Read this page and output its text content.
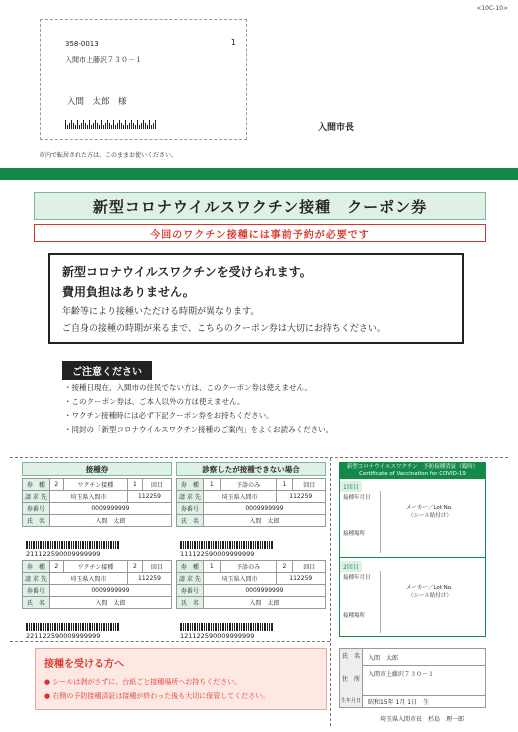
<10C-10>
358-0013	1
入間市上藤沢７３０－１
入間　太郎　様
入間市長
市内で転居された方は、このままお使いください。
新型コロナウイルスワクチン接種　クーポン券
今回のワクチン接種には事前予約が必要です
新型コロナウイルスワクチンを受けられます。
費用負担はありません。
年齢等により接種いただける時期が異なります。
ご自身の接種の時期が来るまで、こちらのクーポン券は大切にお持ちください。
ご注意ください
・接種日現在、入間市の住民でない方は、このクーポン券は使えません。
・このクーポン券は、ご本人以外の方は使えません。
・ワクチン接種時には必ず下記クーポン券をお持ちください。
・同封の「新型コロナウイルスワクチン接種のご案内」をよくお読みください。
接種券	診察したが接種できない場合
券　種	2	ワクチン接種	1	回目
請 求 先	埼玉県入間市		112259	
券番号	0009999999			
氏　名	入間　太郎			
211122590009999999
券　種	1	予診のみ	1	回目
請 求 先	埼玉県入間市		112259	
券番号	0009999999			
氏　名	入間　太郎			
111122590009999999
券　種	2	ワクチン接種	2	回目
請 求 先	埼玉県入間市		112259	
券番号	0009999999			
氏　名	入間　太郎			
221122590009999999
券　種	1	予診のみ	2	回目
請 求 先	埼玉県入間市		112259	
券番号	0009999999			
氏　名	入間　太郎			
121122590009999999
新型コロナウイルスワクチン　予防接種済証（臨時）
Certificate of Vaccination for COVID-19
1回目
接種年月日
接種場所
メーカー／Lot No.
（シール貼付け）
2回目
接種年月日
接種場所
メーカー／Lot No.
（シール貼付け）
接種を受ける方へ
● シールは剥がさずに、台紙ごと接種場所へお持ちください。
● 右側の予防接種済証は接種が終わった後も大切に保管してください。
氏　名	入間　太郎
住　所
入間市上藤沢７３０－１
生年月日	昭和15年 1月 1日　生
埼玉県入間市長　杉島　理一郎
